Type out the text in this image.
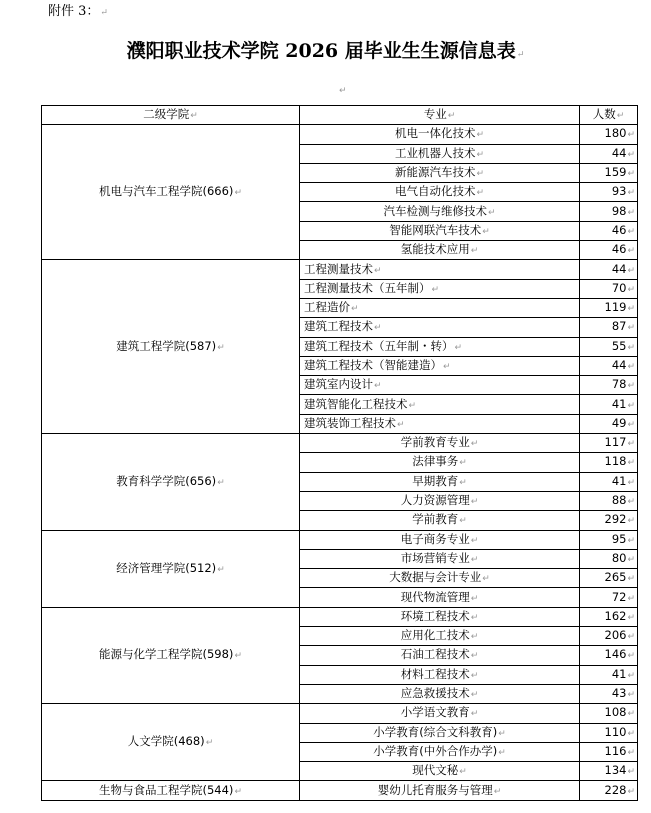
附件 3：↵
濮阳职业技术学院 2026 届毕业生生源信息表↵
↵
二级学院↵	专业↵	人数↵
机电与汽车工程学院(666)↵	机电一体化技术↵	180↵
	工业机器人技术↵	44↵
	新能源汽车技术↵	159↵
	电气自动化技术↵	93↵
	汽车检测与维修技术↵	98↵
	智能网联汽车技术↵	46↵
	氢能技术应用↵	46↵
建筑工程学院(587)↵	工程测量技术↵	44↵
	工程测量技术（五年制）↵	70↵
	工程造价↵	119↵
	建筑工程技术↵	87↵
	建筑工程技术（五年制・转）↵	55↵
	建筑工程技术（智能建造）↵	44↵
	建筑室内设计↵	78↵
	建筑智能化工程技术↵	41↵
	建筑装饰工程技术↵	49↵
教育科学学院(656)↵	学前教育专业↵	117↵
	法律事务↵	118↵
	早期教育↵	41↵
	人力资源管理↵	88↵
	学前教育↵	292↵
经济管理学院(512)↵	电子商务专业↵	95↵
	市场营销专业↵	80↵
	大数据与会计专业↵	265↵
	现代物流管理↵	72↵
能源与化学工程学院(598)↵	环境工程技术↵	162↵
	应用化工技术↵	206↵
	石油工程技术↵	146↵
	材料工程技术↵	41↵
	应急救援技术↵	43↵
人文学院(468)↵	小学语文教育↵	108↵
	小学教育(综合文科教育)↵	110↵
	小学教育(中外合作办学)↵	116↵
	现代文秘↵	134↵
生物与食品工程学院(544)↵	婴幼儿托育服务与管理↵	228↵
